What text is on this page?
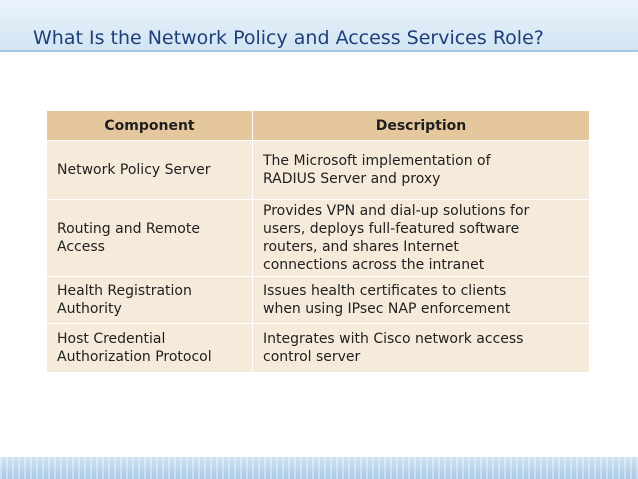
What Is the Network Policy and Access Services Role?
Component	Description

Network Policy Server	The Microsoft implementation of
RADIUS Server and proxy

Routing and Remote
Access	Provides VPN and dial-up solutions for
users, deploys full-featured software
routers, and shares Internet
connections across the intranet

Health Registration
Authority	Issues health certificates to clients
when using IPsec NAP enforcement

Host Credential
Authorization Protocol	Integrates with Cisco network access
control server
